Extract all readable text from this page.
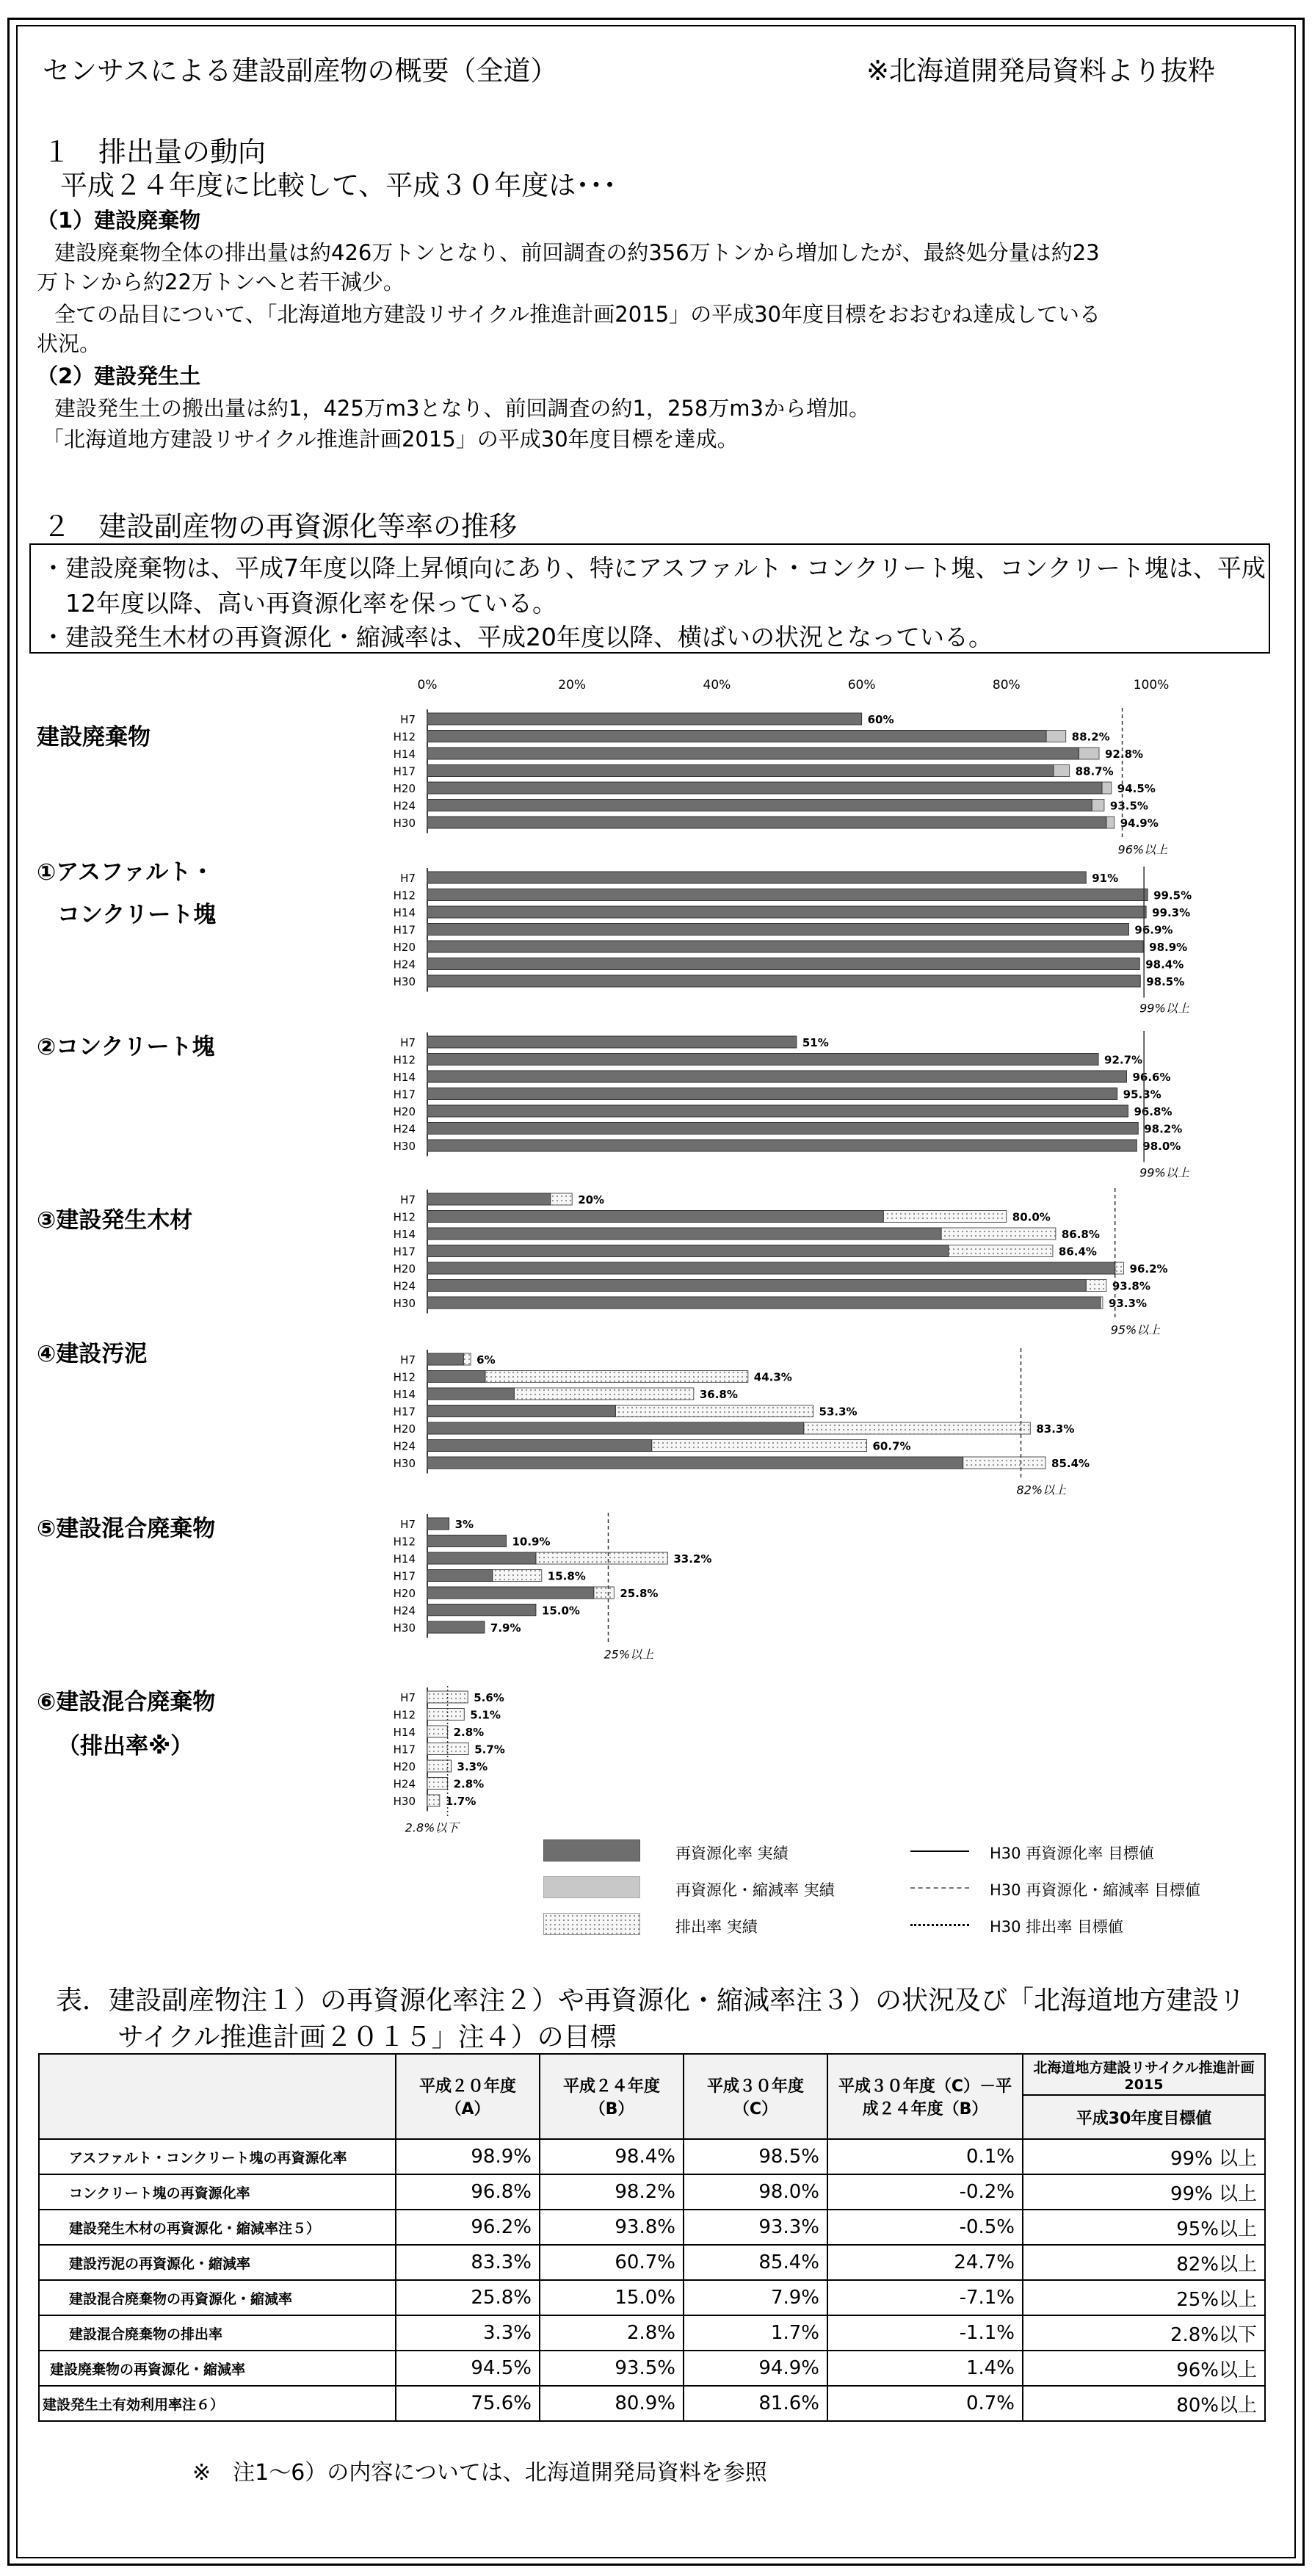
センサスによる建設副産物の概要（全道）	※北海道開発局資料より抜粋
１　排出量の動向
平成２４年度に比較して、平成３０年度は･･･
（1）建設廃棄物
建設廃棄物全体の排出量は約426万トンとなり、前回調査の約356万トンから増加したが、最終処分量は約23
万トンから約22万トンへと若干減少。
全ての品目について、「北海道地方建設リサイクル推進計画2015」の平成30年度目標をおおむね達成している
状況。
（2）建設発生土
建設発生土の搬出量は約1，425万m3となり、前回調査の約1，258万m3から増加。
「北海道地方建設リサイクル推進計画2015」の平成30年度目標を達成。
２　建設副産物の再資源化等率の推移
・建設廃棄物は、平成7年度以降上昇傾向にあり、特にアスファルト・コンクリート塊、コンクリート塊は、平成
　12年度以降、高い再資源化率を保っている。
・建設発生木材の再資源化・縮減率は、平成20年度以降、横ばいの状況となっている。
0%	20%	40%	60%	80%	100%
H7	60%
H12	88.2%
H14	92.8%
H17	88.7%
H20	94.5%
H24	93.5%
H30	94.9%
96%以上
H7	91%
H12	99.5%
H14	99.3%
H17	96.9%
H20	98.9%
H24	98.4%
H30	98.5%
99%以上
H7	51%
H12	92.7%
H14	96.6%
H17	95.3%
H20	96.8%
H24	98.2%
H30	98.0%
99%以上
H7	20%
H12	80.0%
H14	86.8%
H17	86.4%
H20	96.2%
H24	93.8%
H30	93.3%
95%以上
H7	6%
H12	44.3%
H14	36.8%
H17	53.3%
H20	83.3%
H24	60.7%
H30	85.4%
82%以上
H7	3%
H12	10.9%
H14	33.2%
H17	15.8%
H20	25.8%
H24	15.0%
H30	7.9%
25%以上
H7	5.6%
H12	5.1%
H14	2.8%
H17	5.7%
H20	3.3%
H24	2.8%
H30	1.7%
2.8%以下
建設廃棄物
①アスファルト・
コンクリート塊
②コンクリート塊
③建設発生木材
④建設汚泥
⑤建設混合廃棄物
⑥建設混合廃棄物
（排出率※）
再資源化率 実績
再資源化・縮減率 実績
排出率 実績
H30 再資源化率 目標値
H30 再資源化・縮減率 目標値
H30 排出率 目標値
表．建設副産物注１）の再資源化率注２）や再資源化・縮減率注３）の状況及び「北海道地方建設リ
サイクル推進計画２０１５」注４）の目標
	平成２０年度（A）	平成２４年度（B）	平成３０年度（C）	平成３０年度（C）－平成２４年度（B）	北海道地方建設リサイクル推進計画2015
					平成30年度目標値
アスファルト・コンクリート塊の再資源化率	98.9%	98.4%	98.5%	0.1%	99% 以上
コンクリート塊の再資源化率	96.8%	98.2%	98.0%	-0.2%	99% 以上
建設発生木材の再資源化・縮減率注５）	96.2%	93.8%	93.3%	-0.5%	95%以上
建設汚泥の再資源化・縮減率	83.3%	60.7%	85.4%	24.7%	82%以上
建設混合廃棄物の再資源化・縮減率	25.8%	15.0%	7.9%	-7.1%	25%以上
建設混合廃棄物の排出率	3.3%	2.8%	1.7%	-1.1%	2.8%以下
建設廃棄物の再資源化・縮減率	94.5%	93.5%	94.9%	1.4%	96%以上
建設発生土有効利用率注６）	75.6%	80.9%	81.6%	0.7%	80%以上
※　注1～6）の内容については、北海道開発局資料を参照
